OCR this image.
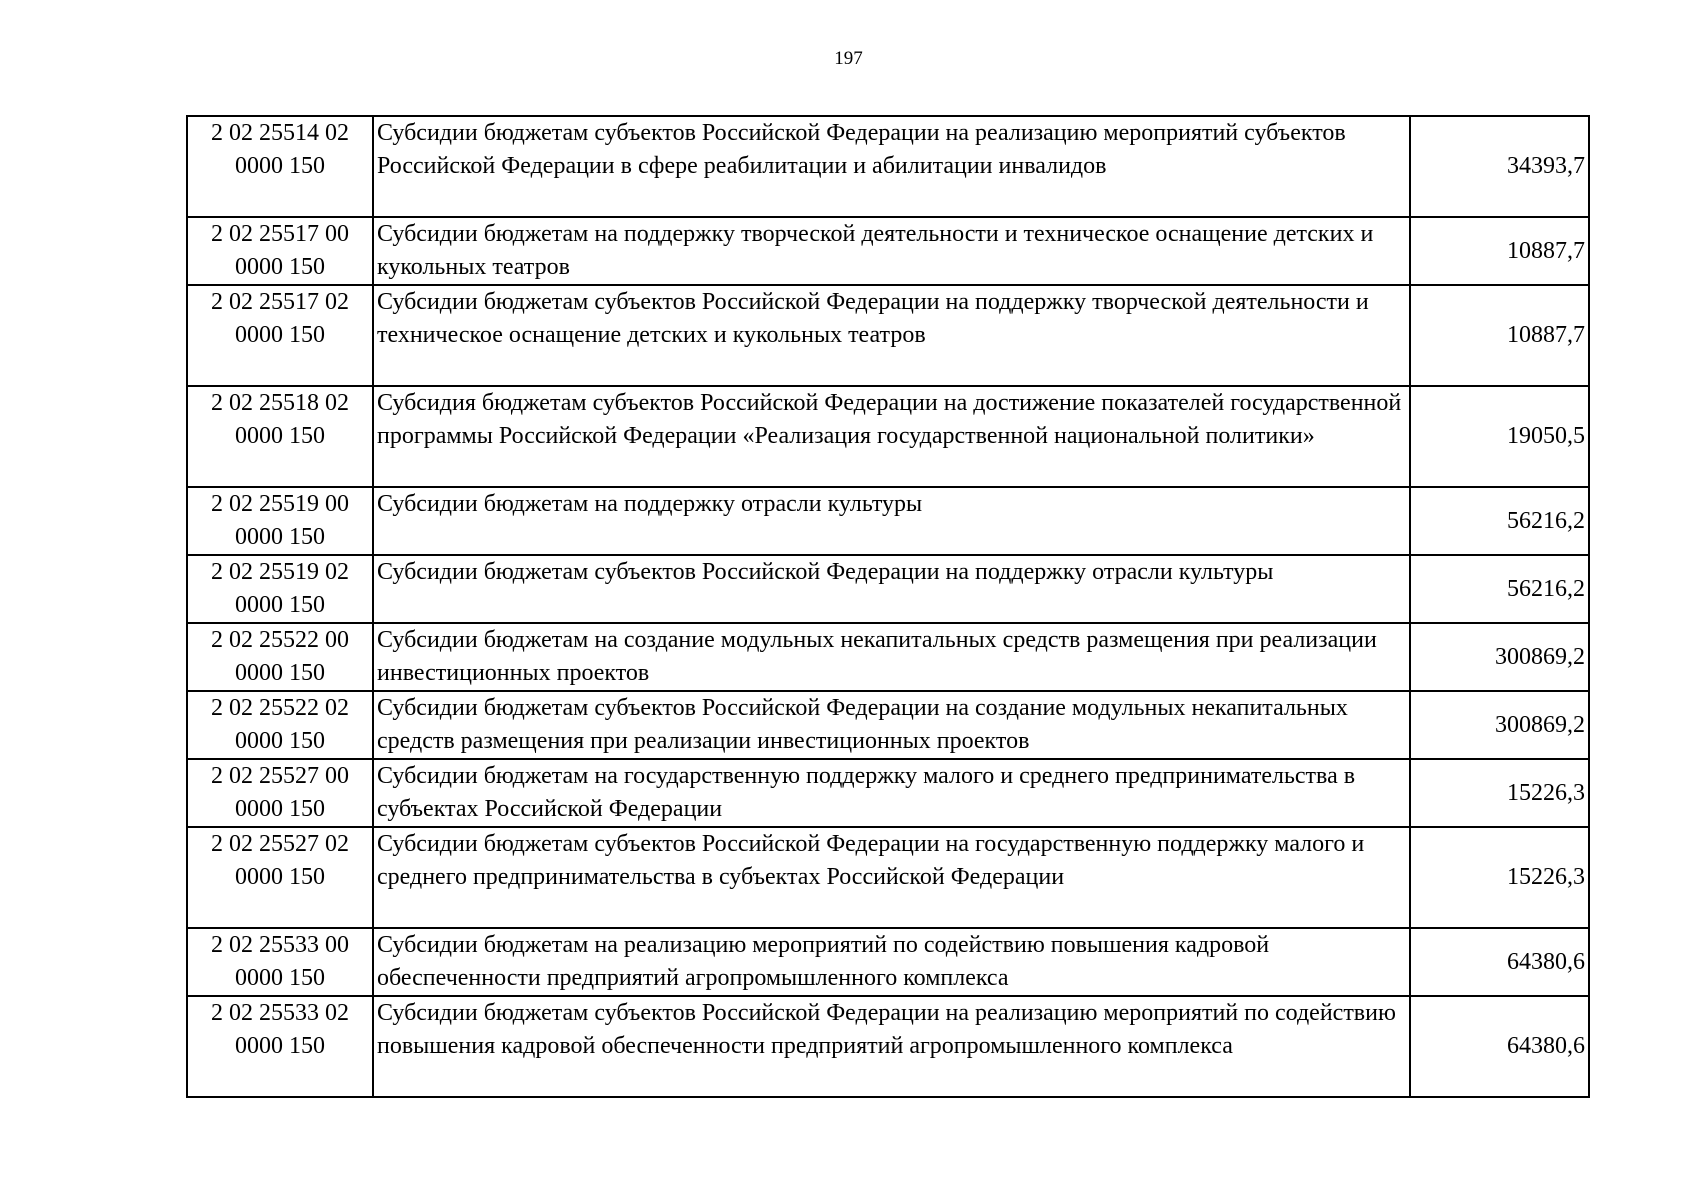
197
2 02 25514 02 0000 150	Субсидии бюджетам субъектов Российской Федерации на реализацию мероприятий субъектов Российской Федерации в сфере реабилитации и абилитации инвалидов	34393,7
2 02 25517 00 0000 150	Субсидии бюджетам на поддержку творческой деятельности и техническое оснащение детских и кукольных театров	10887,7
2 02 25517 02 0000 150	Субсидии бюджетам субъектов Российской Федерации на поддержку творческой деятельности и техническое оснащение детских и кукольных театров	10887,7
2 02 25518 02 0000 150	Субсидия бюджетам субъектов Российской Федерации на достижение показателей государственной программы Российской Федерации «Реализация государственной национальной политики»	19050,5
2 02 25519 00 0000 150	Субсидии бюджетам на поддержку отрасли культуры	56216,2
2 02 25519 02 0000 150	Субсидии бюджетам субъектов Российской Федерации на поддержку отрасли культуры	56216,2
2 02 25522 00 0000 150	Субсидии бюджетам на создание модульных некапитальных средств размещения при реализации инвестиционных проектов	300869,2
2 02 25522 02 0000 150	Субсидии бюджетам субъектов Российской Федерации на создание модульных некапитальных средств размещения при реализации инвестиционных проектов	300869,2
2 02 25527 00 0000 150	Субсидии бюджетам на государственную поддержку малого и среднего предпринимательства в субъектах Российской Федерации	15226,3
2 02 25527 02 0000 150	Субсидии бюджетам субъектов Российской Федерации на государственную поддержку малого и среднего предпринимательства в субъектах Российской Федерации	15226,3
2 02 25533 00 0000 150	Субсидии бюджетам на реализацию мероприятий по содействию повышения кадровой обеспеченности предприятий агропромышленного комплекса	64380,6
2 02 25533 02 0000 150	Субсидии бюджетам субъектов Российской Федерации на реализацию мероприятий по содействию повышения кадровой обеспеченности предприятий агропромышленного комплекса	64380,6
